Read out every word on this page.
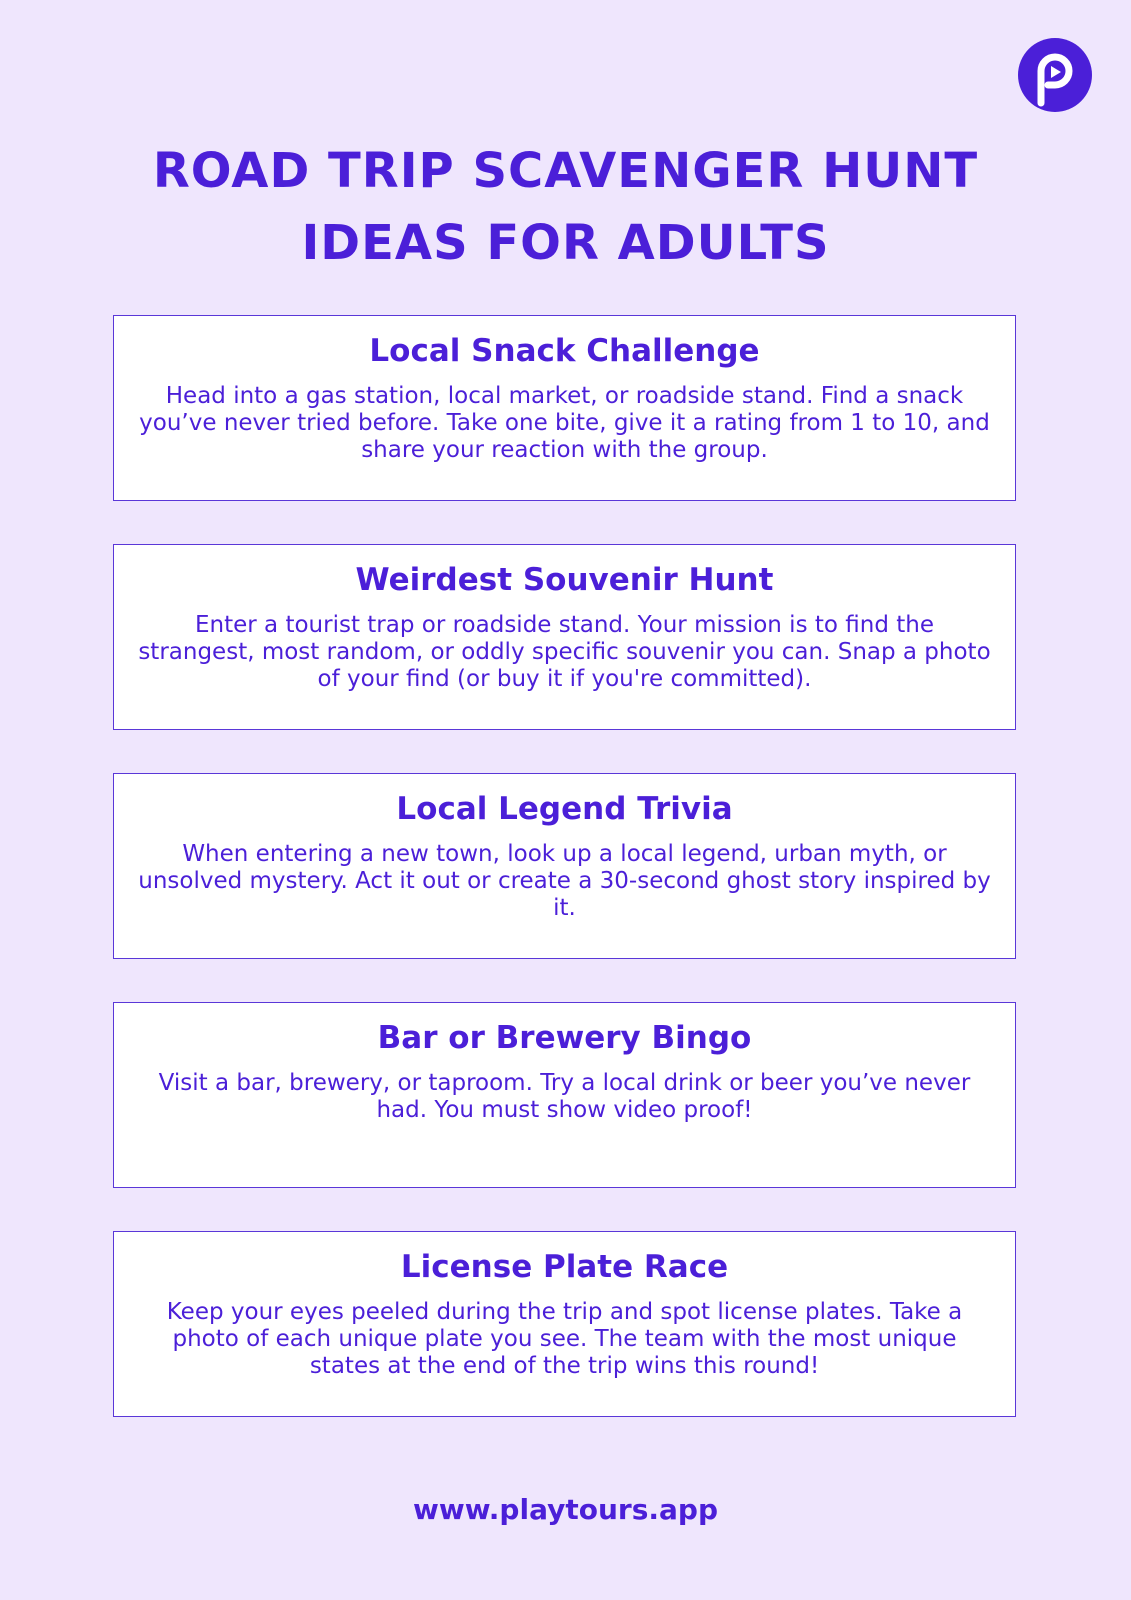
ROAD TRIP SCAVENGER HUNT
IDEAS FOR ADULTS
Local Snack Challenge

Head into a gas station, local market, or roadside stand. Find a snack you’ve never tried before. Take one bite, give it a rating from 1 to 10, and share your reaction with the group.

Weirdest Souvenir Hunt

Enter a tourist trap or roadside stand. Your mission is to find the strangest, most random, or oddly specific souvenir you can. Snap a photo of your find (or buy it if you're committed).

Local Legend Trivia

When entering a new town, look up a local legend, urban myth, or unsolved mystery. Act it out or create a 30-second ghost story inspired by it.

Bar or Brewery Bingo

Visit a bar, brewery, or taproom. Try a local drink or beer you’ve never had. You must show video proof!

License Plate Race

Keep your eyes peeled during the trip and spot license plates. Take a photo of each unique plate you see. The team with the most unique states at the end of the trip wins this round!

www.playtours.app
